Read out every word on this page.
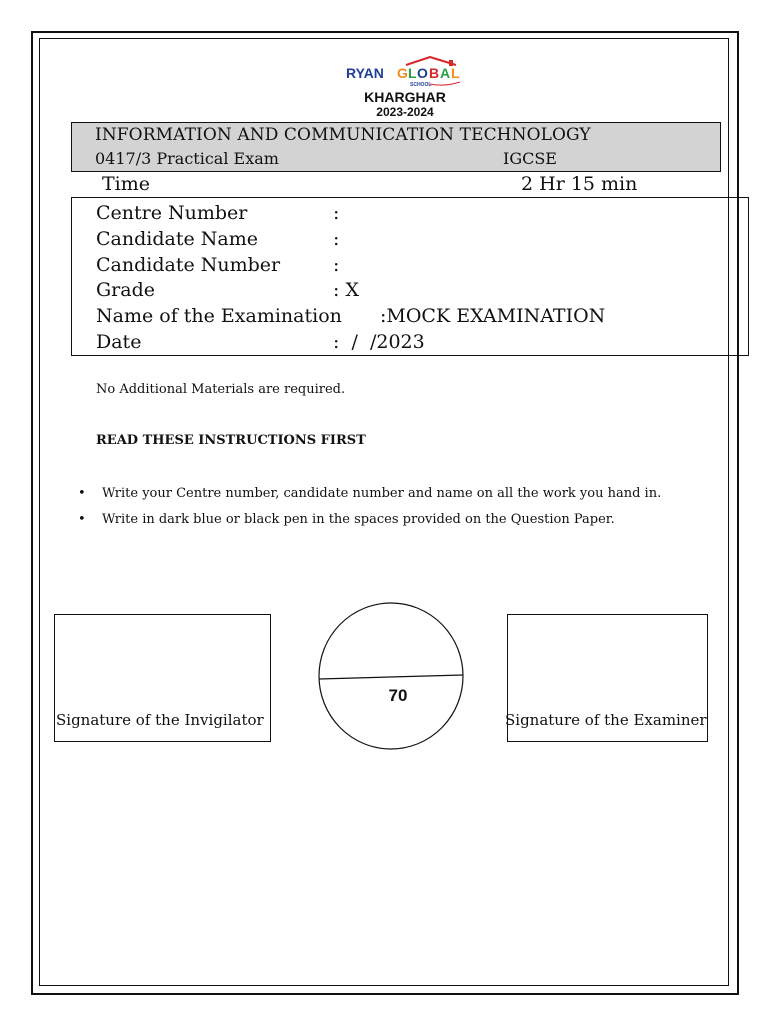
RYAN G L O B A L
SCHOOL
KHARGHAR
2023-2024
INFORMATION AND COMMUNICATION TECHNOLOGY
0417/3 Practical Exam	IGCSE
Time	2 Hr 15 min
Centre Number	:
Candidate Name	:
Candidate Number	:
Grade	: X
Name of the Examination :MOCK EXAMINATION
Date	:  /  /2023
No Additional Materials are required.
READ THESE INSTRUCTIONS FIRST
• Write your Centre number, candidate number and name on all the work you hand in.
• Write in dark blue or black pen in the spaces provided on the Question Paper.
Signature of the Invigilator
70
Signature of the Examiner
